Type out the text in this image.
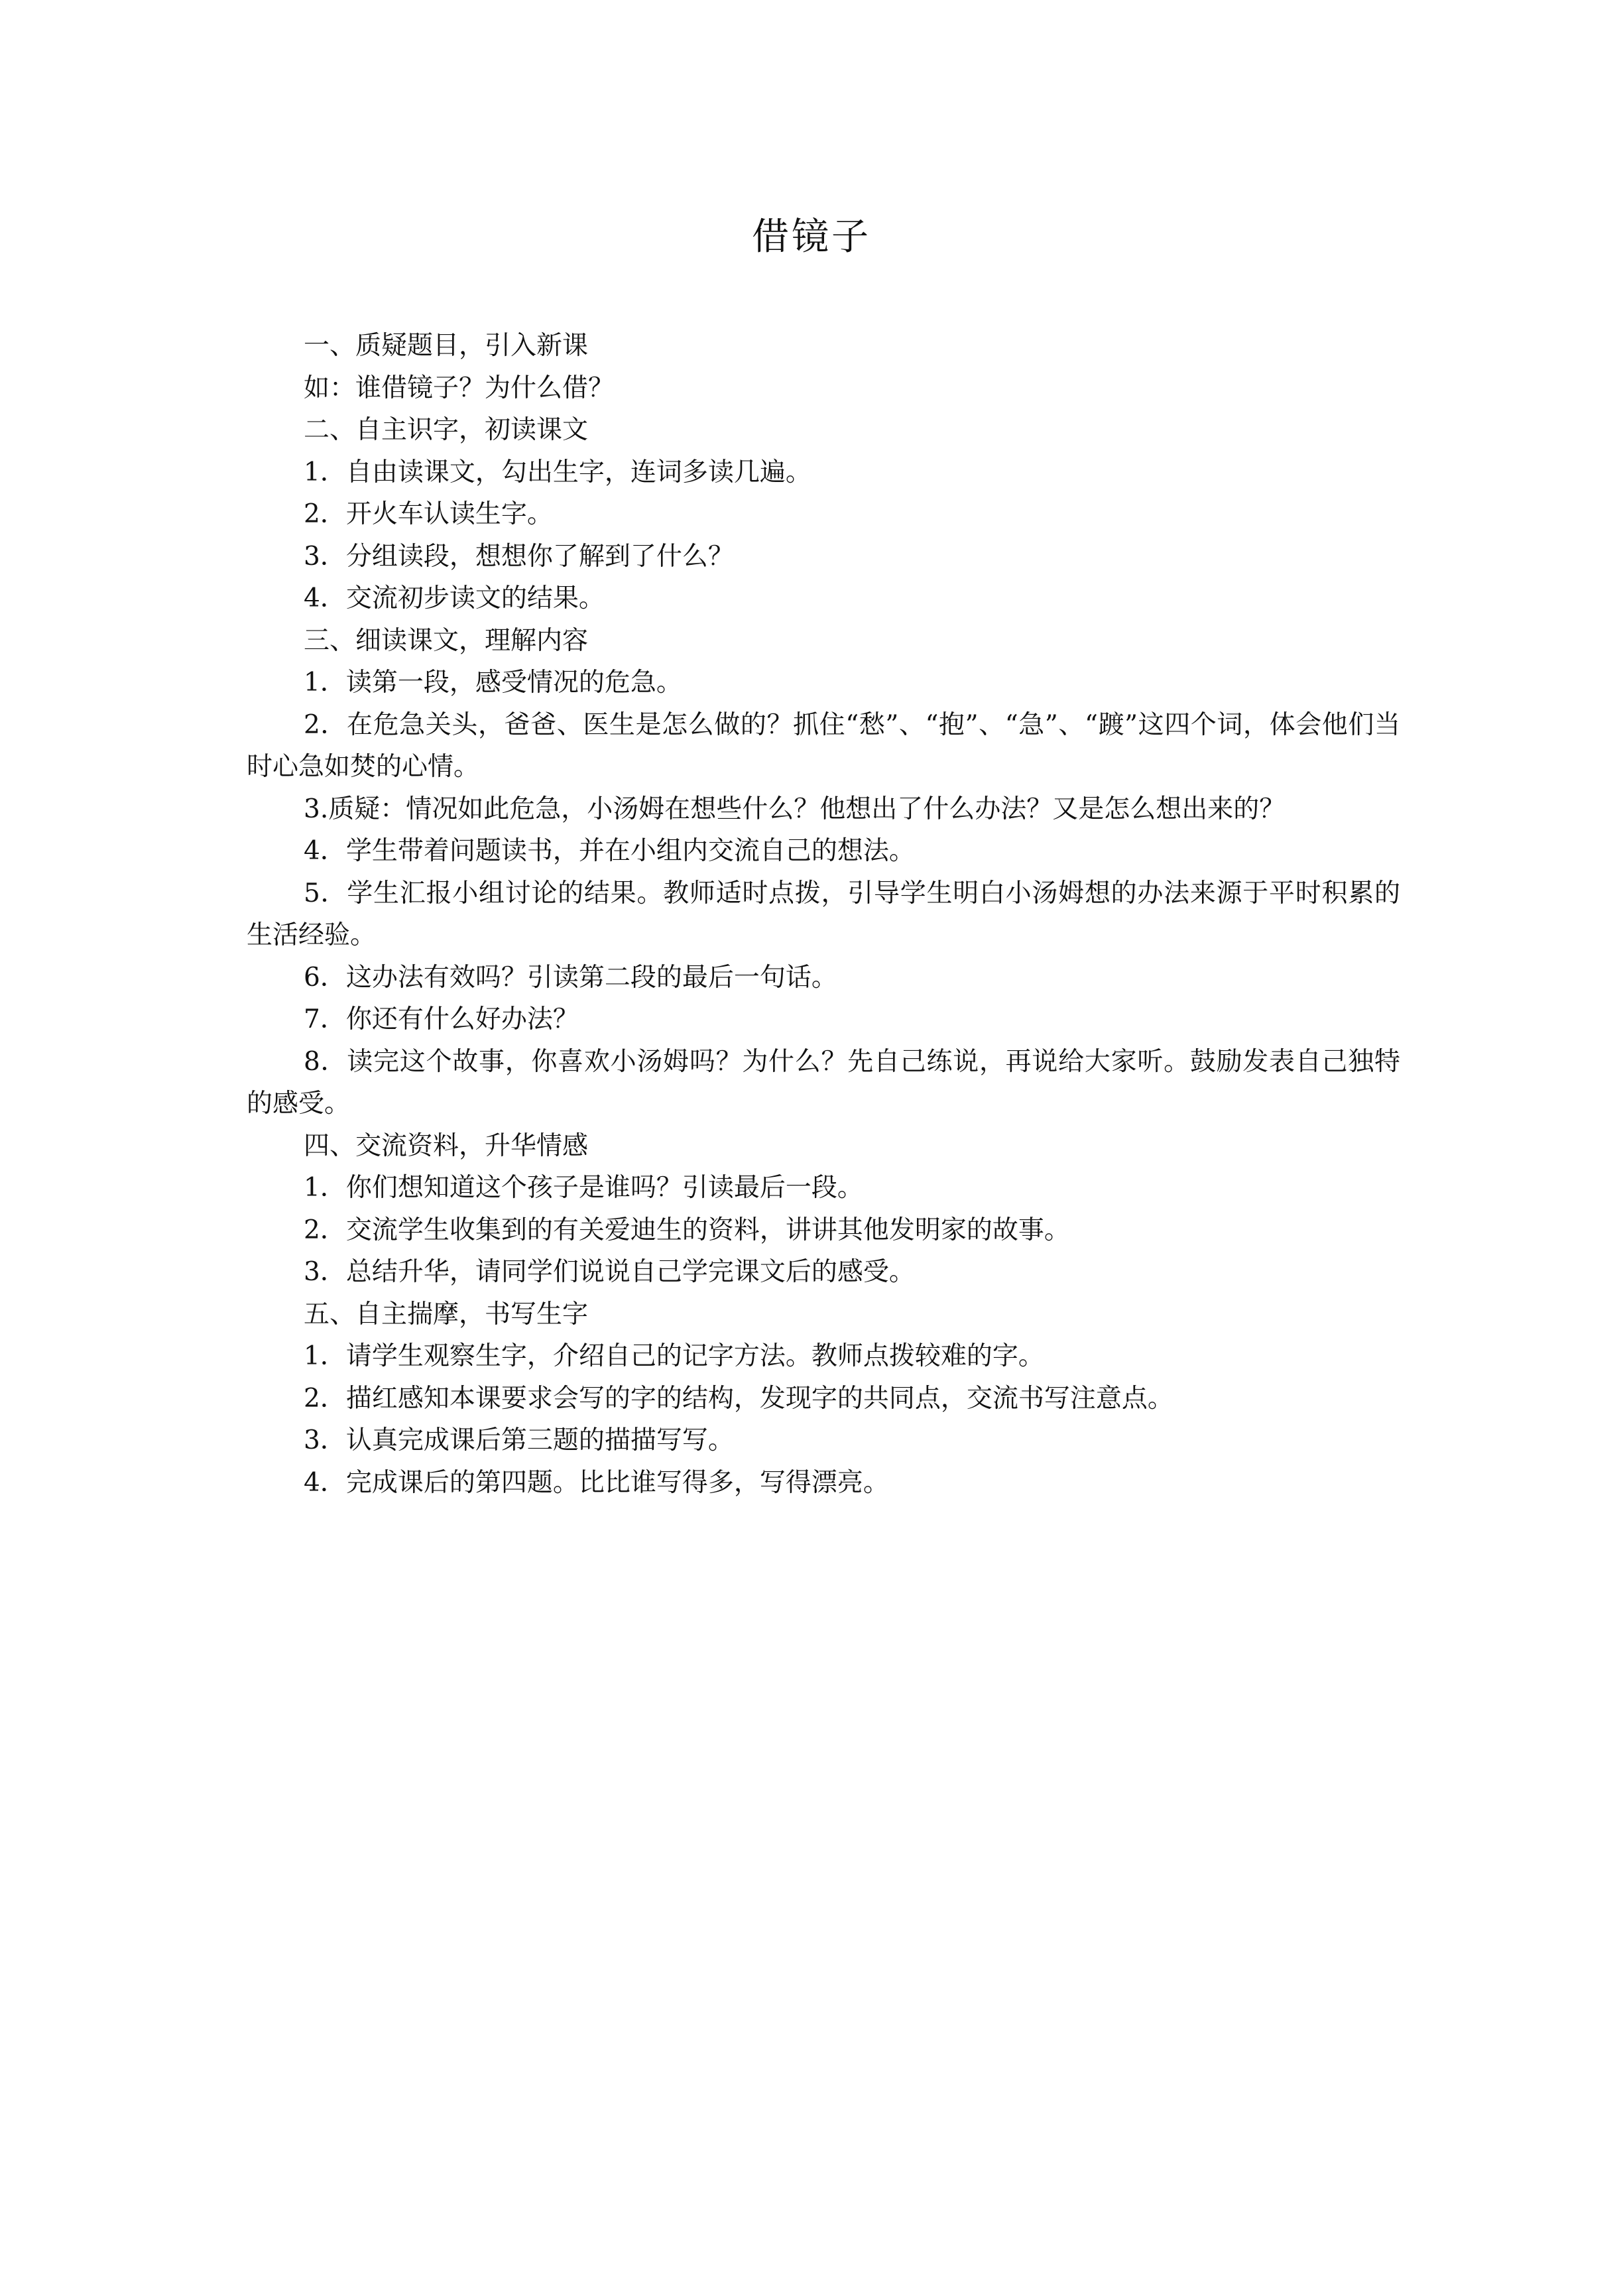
借镜子

一、质疑题目，引入新课

如：谁借镜子？为什么借？

二、自主识字，初读课文

1．自由读课文，勾出生字，连词多读几遍。

2．开火车认读生字。

3．分组读段，想想你了解到了什么？

4．交流初步读文的结果。

三、细读课文，理解内容

1．读第一段，感受情况的危急。

2．在危急关头，爸爸、医生是怎么做的？抓住“愁”、“抱”、“急”、“踱”这四个词，体会他们当时心急如焚的心情。

3.质疑：情况如此危急，小汤姆在想些什么？他想出了什么办法？又是怎么想出来的？

4．学生带着问题读书，并在小组内交流自己的想法。

5．学生汇报小组讨论的结果。教师适时点拨，引导学生明白小汤姆想的办法来源于平时积累的生活经验。

6．这办法有效吗？引读第二段的最后一句话。

7．你还有什么好办法？

8．读完这个故事，你喜欢小汤姆吗？为什么？先自己练说，再说给大家听。鼓励发表自己独特的感受。

四、交流资料，升华情感

1．你们想知道这个孩子是谁吗？引读最后一段。

2．交流学生收集到的有关爱迪生的资料，讲讲其他发明家的故事。

3．总结升华，请同学们说说自己学完课文后的感受。

五、自主揣摩，书写生字

1．请学生观察生字，介绍自己的记字方法。教师点拨较难的字。

2．描红感知本课要求会写的字的结构，发现字的共同点，交流书写注意点。

3．认真完成课后第三题的描描写写。

4．完成课后的第四题。比比谁写得多，写得漂亮。
